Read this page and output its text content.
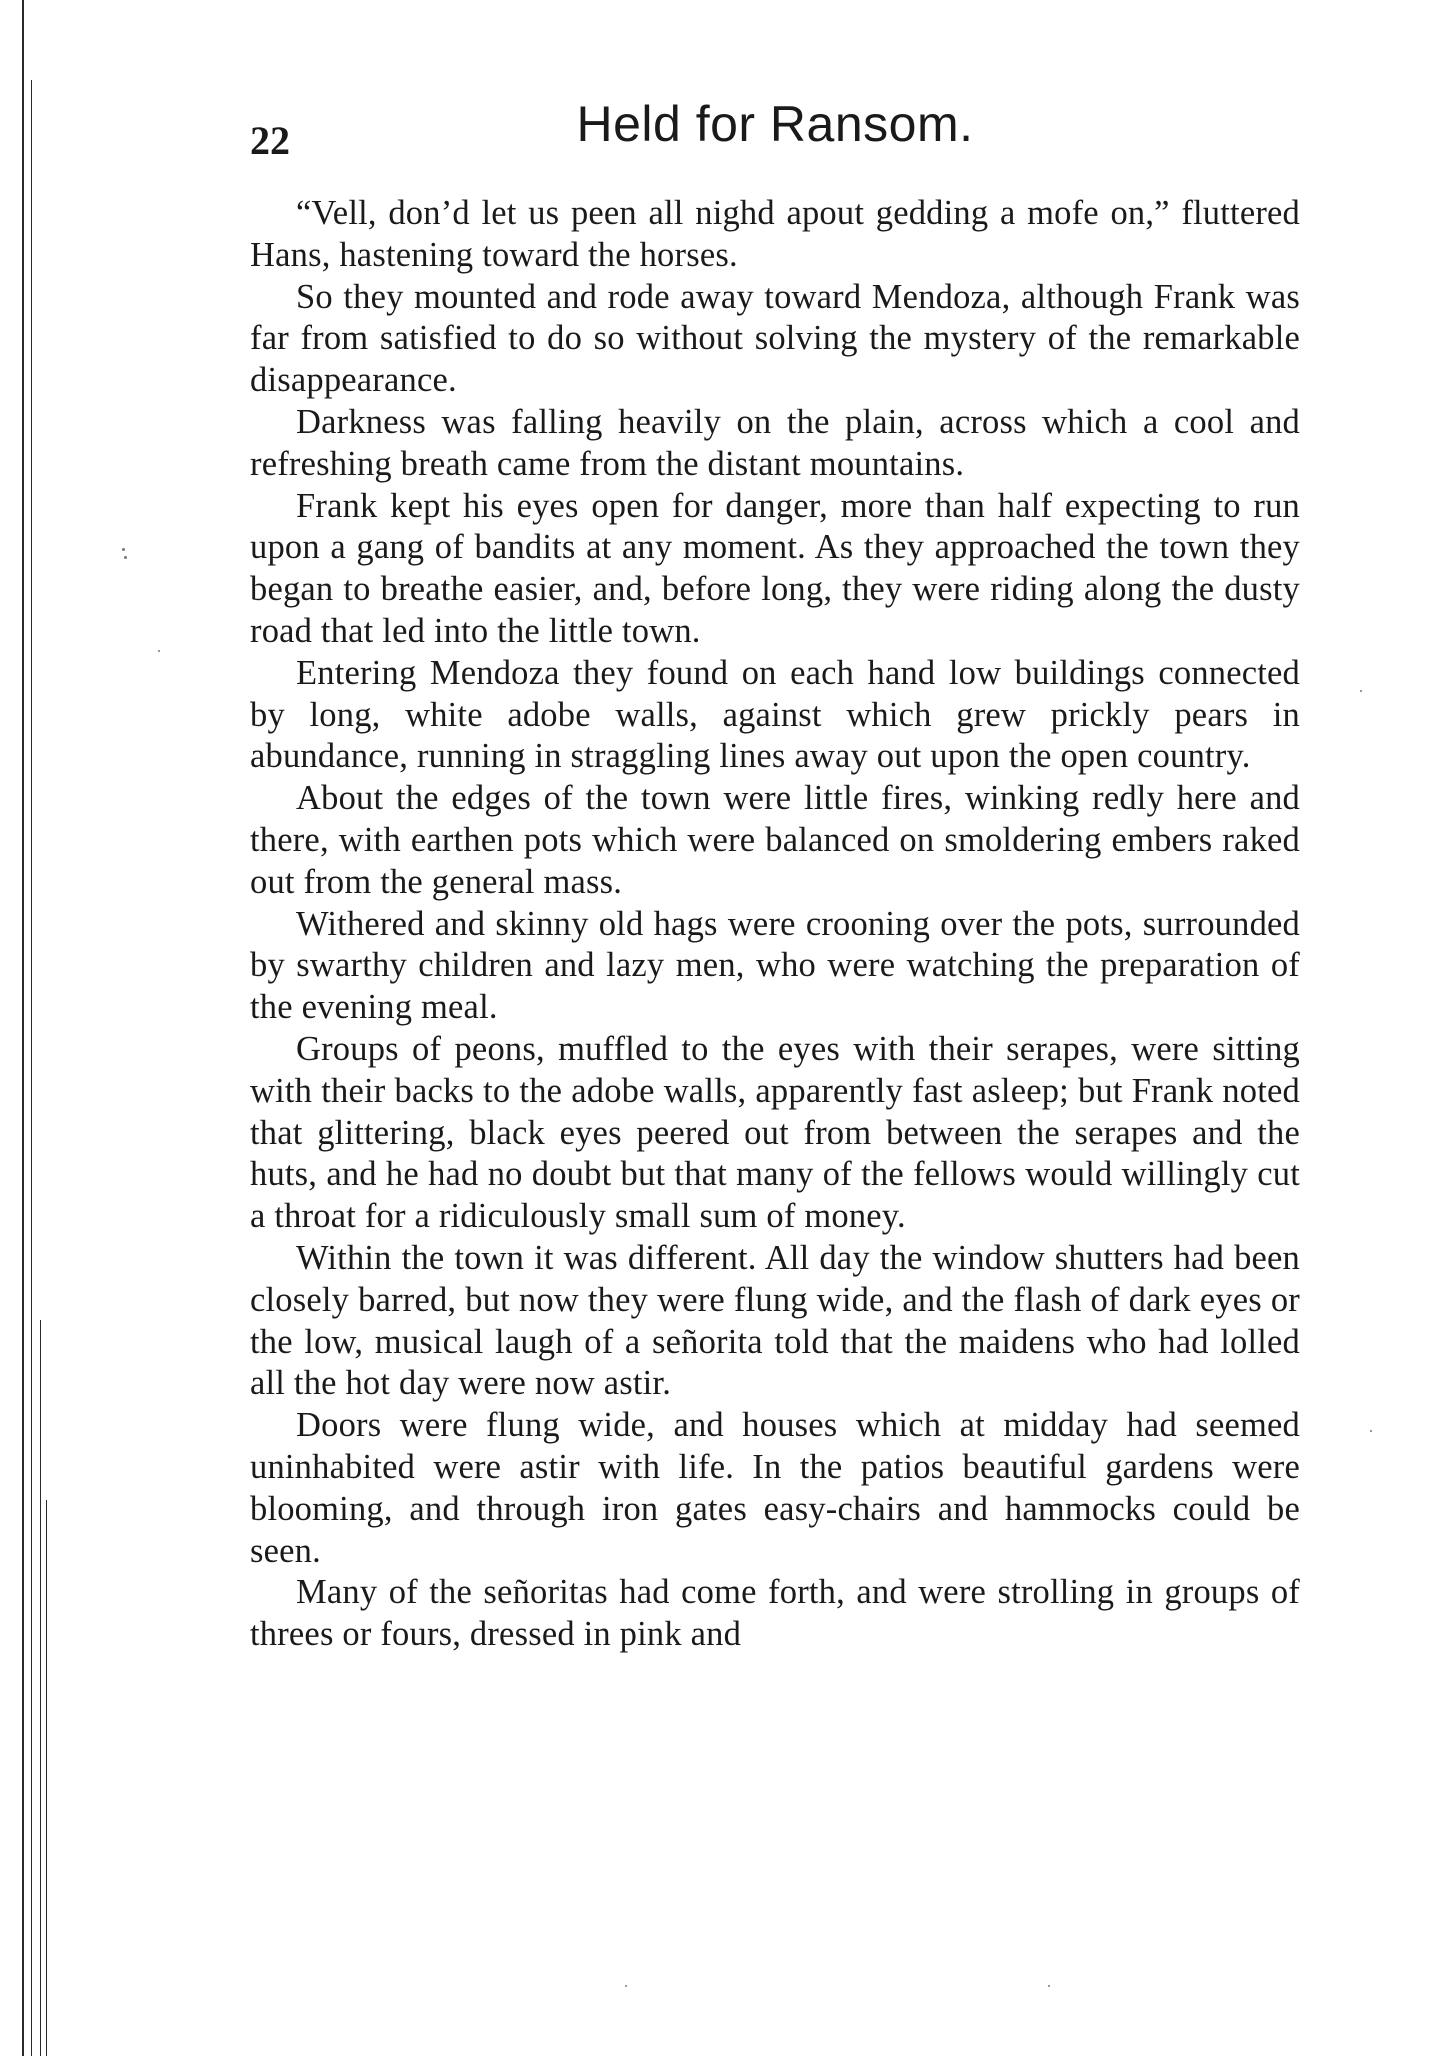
22	Held for Ransom.

“Vell, don’d let us peen all nighd apout gedding a mofe on,” fluttered Hans, hastening toward the horses.

So they mounted and rode away toward Mendoza, although Frank was far from satisfied to do so without solving the mystery of the remarkable disappearance.

Darkness was falling heavily on the plain, across which a cool and refreshing breath came from the distant mountains.

Frank kept his eyes open for danger, more than half expecting to run upon a gang of bandits at any moment. As they approached the town they began to breathe easier, and, before long, they were riding along the dusty road that led into the little town.

Entering Mendoza they found on each hand low buildings connected by long, white adobe walls, against which grew prickly pears in abundance, running in straggling lines away out upon the open country.

About the edges of the town were little fires, winking redly here and there, with earthen pots which were balanced on smoldering embers raked out from the general mass.

Withered and skinny old hags were crooning over the pots, surrounded by swarthy children and lazy men, who were watching the preparation of the evening meal.

Groups of peons, muffled to the eyes with their serapes, were sitting with their backs to the adobe walls, apparently fast asleep; but Frank noted that glittering, black eyes peered out from between the serapes and the huts, and he had no doubt but that many of the fellows would willingly cut a throat for a ridiculously small sum of money.

Within the town it was different. All day the window shutters had been closely barred, but now they were flung wide, and the flash of dark eyes or the low, musical laugh of a señorita told that the maidens who had lolled all the hot day were now astir.

Doors were flung wide, and houses which at midday had seemed uninhabited were astir with life. In the patios beautiful gardens were blooming, and through iron gates easy-chairs and hammocks could be seen.

Many of the señoritas had come forth, and were strolling in groups of threes or fours, dressed in pink and
